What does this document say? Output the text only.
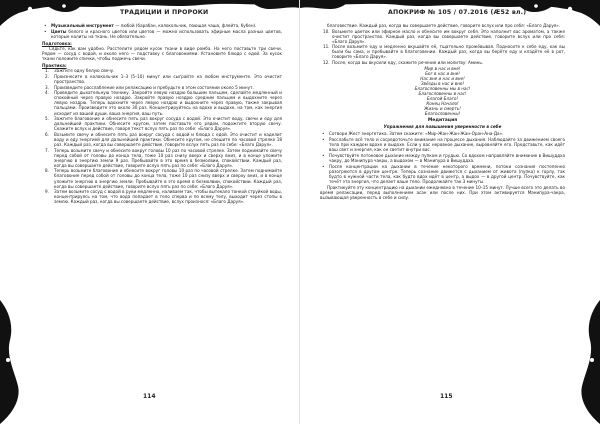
ТРАДИЦИИ И ПРОРОКИ
• Музыкальный инструмент — любой (барабан, колокольчик, поющая чаша, флейта, бубен).
• Цветы белого и красного цветов или цветов — можно использовать эфирные масла разных цветов, которые налиты на ткань. Не обязательно.

Подготовка:

Сядьте, как вам удобно. Расстелите рядом кусок ткани в виде ромба. На него поставьте три свечи. Рядом — сосуд с водой, и около него — подставку с благовониями. Установите блюдо с едой. За кусок ткани положите спички, чтобы поджечь свечи.

Практика:

1. Зажгите одну белую свечу.
2. Произнесите в колокольчик 1–3 (5–10) минут или сыграйте на любом инструменте. Это очистит пространство.
3. Произведите расслабление или релаксацию и пребудьте в этом состоянии около 5 минут.
4. Проведите дыхательную технику. Закройте левую ноздрю большим пальцем, сделайте медленный и спокойный через правую ноздрю. Закройте правую ноздрю средним пальцем и выдохните через левую ноздрю. Теперь вдохните через левую ноздрю и выдохните через правую, также закрывая пальцами. Произведите это около 30 раз. Концентрируйтесь на вдохе и выдохе, на том, как энергия исходит из вашей души, ваша энергия, ваш путь.
5. Зажгите благовоние и обнесите пять раз вокруг сосуда с водой. Это очистит воду, свечи и еду для дальнейшей практики. Обнесите кругом, затем поставьте его рядом, подожгите вторую свечу. Скажите вслух и действие, говоря текст вслух пять раз по себе: «Благо Даруя».
6. Возьмите свечу и обнесите пять раз вокруг сосуда с водой и блюда с едой. Это очистит и наделит воду и еду энергией для дальнейшей практики. Обнесите кругом, не спешите по часовой стрелке 18 раз. Каждый раз, когда вы совершаете действие, говорите вслух пять раз по себе: «Благо Даруя».
7. Теперь возьмите свечу и обнесите вокруг головы 10 раз по часовой стрелке. Затем поднимайте свечу перед собой от головы до конца тела, тоже 10 раз снизу вверх и сверху вниз, и в конце уложите энергию в энергию земли 9 раз. Пребывайте в это время в безмолвии, спокойствии. Каждый раз, когда вы совершаете действие, говорите вслух пять раз по себе: «Благо Даруя».
8. Теперь возьмите благовоние и обнесите вокруг головы 10 раз по часовой стрелке. Затем поднимайте благовоние перед собой от головы до конца тела, тоже 10 раз снизу вверх и сверху вниз, и в конце уложите энергию в энергию земли. Пребывайте в это время в безмолвии, спокойствии. Каждый раз, когда вы совершаете действие, говорите вслух пять раз по себе: «Благо Даруя».
9. Затем возьмите сосуд с водой в руки медленно, наливаем так, чтобы вытекало тонкой струйкой воды, концентрируясь на том, что вода попадает в тело сперва и по всему телу, выходит через стопы в землю. Каждый раз, когда вы совершаете действие, вслух произнося: «Благо Даруя».
114
АПОКРИФ № 105 / 07.2016 (Æ52 вл.)

благовествие. Каждый раз, когда вы совершаете действие, говорите вслух или про себя: «Благо Даруя».

10. Возьмите цветок или эфирное масло и обнесите им вокруг себя. Это наполнит вас ароматом, а также очистит пространство. Каждый раз, когда вы совершаете действие, говорите вслух или про себя: «Благо Даруя».
11. После возьмите еду и медленно вкушайте её, тщательно прожёвывая. Подносите к себе еду, как вы были бы сама, и пребывайте в благоговении. Каждый раз, когда вы берёте еду и кладёте её в рот, говорите «Благо Даруя».
12. После, когда вы вкусили еду, скажите речение или молитву: Аминь.

Мир в нас и вне!

Бог в нас и вне!

Нас вне и нас и вне!

Звёзды в нас и вне!

Благословенны мы в нас!

Благословенны в нас!

Благой Благо!

Конец Начало!

Жизнь и смерть!

Благословенны!

Медитация

Упражнения для повышения уверенности в себе

• Сотвори Жест энергетика. Затем скажите: «Мир-Жан-Жан-Жан-Оран-Ана-Да».
• Расслабьте всё тело и сосредоточьте внимание на процессе дыхания. Наблюдайте за движением своего тела при каждом вдохе и выдохе. Если у вас неровное дыхание, выровняйте его. Представьте, как идёт ваш свет и энергия, как он светит внутри вас.
• Почувствуйте потоковое дыхание между пупком и грудью. Со вдохом направляйте внимание в Вишуддха чакру, до Манипура чакры, а выдохом — в Манипура в Вишуддха.
• После концентрации на дыхании в течение некоторого времени, потоки сознания постепенно разогреются в другом центре. Теперь сознание движется с дыханием от живота (пупка) к горлу, так будто в нужной части тела, как будто вдох идёт в центр, а выдох — в другой центр. Почувствуйте, как течёт эта энергия, что делает ваше тело. Продолжайте так 3 минуты.

Практикуйте эту концентрацию на дыхании ежедневно в течение 10–15 минут. Лучше всего это делать во время релаксации, перед выполнением асан или после них. При этом активируется Манипура-чакра, вызывающая уверенность в себе и силу.

115
